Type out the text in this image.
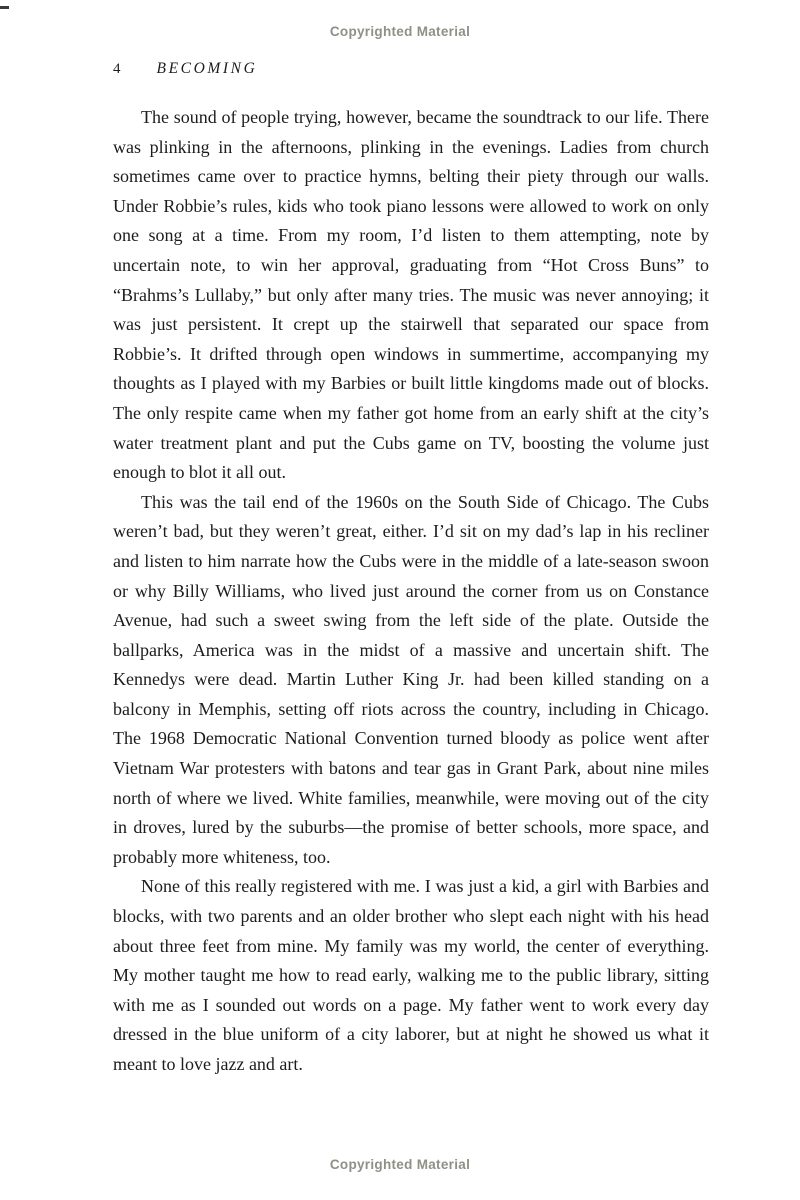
Copyrighted Material
4 BECOMING

The sound of people trying, however, became the soundtrack to our life. There was plinking in the afternoons, plinking in the evenings. Ladies from church sometimes came over to practice hymns, belting their piety through our walls. Under Robbie’s rules, kids who took piano lessons were allowed to work on only one song at a time. From my room, I’d listen to them attempting, note by uncertain note, to win her approval, graduating from “Hot Cross Buns” to “Brahms’s Lullaby,” but only after many tries. The music was never annoying; it was just persistent. It crept up the stairwell that separated our space from Robbie’s. It drifted through open windows in summertime, accompanying my thoughts as I played with my Barbies or built little kingdoms made out of blocks. The only respite came when my father got home from an early shift at the city’s water treatment plant and put the Cubs game on TV, boosting the volume just enough to blot it all out.

This was the tail end of the 1960s on the South Side of Chicago. The Cubs weren’t bad, but they weren’t great, either. I’d sit on my dad’s lap in his recliner and listen to him narrate how the Cubs were in the middle of a late-season swoon or why Billy Williams, who lived just around the corner from us on Constance Avenue, had such a sweet swing from the left side of the plate. Outside the ballparks, America was in the midst of a massive and uncertain shift. The Kennedys were dead. Martin Luther King Jr. had been killed standing on a balcony in Memphis, setting off riots across the country, including in Chicago. The 1968 Democratic National Convention turned bloody as police went after Vietnam War protesters with batons and tear gas in Grant Park, about nine miles north of where we lived. White families, meanwhile, were moving out of the city in droves, lured by the suburbs—the promise of better schools, more space, and probably more whiteness, too.

None of this really registered with me. I was just a kid, a girl with Barbies and blocks, with two parents and an older brother who slept each night with his head about three feet from mine. My family was my world, the center of everything. My mother taught me how to read early, walking me to the public library, sitting with me as I sounded out words on a page. My father went to work every day dressed in the blue uniform of a city laborer, but at night he showed us what it meant to love jazz and art.

Copyrighted Material
